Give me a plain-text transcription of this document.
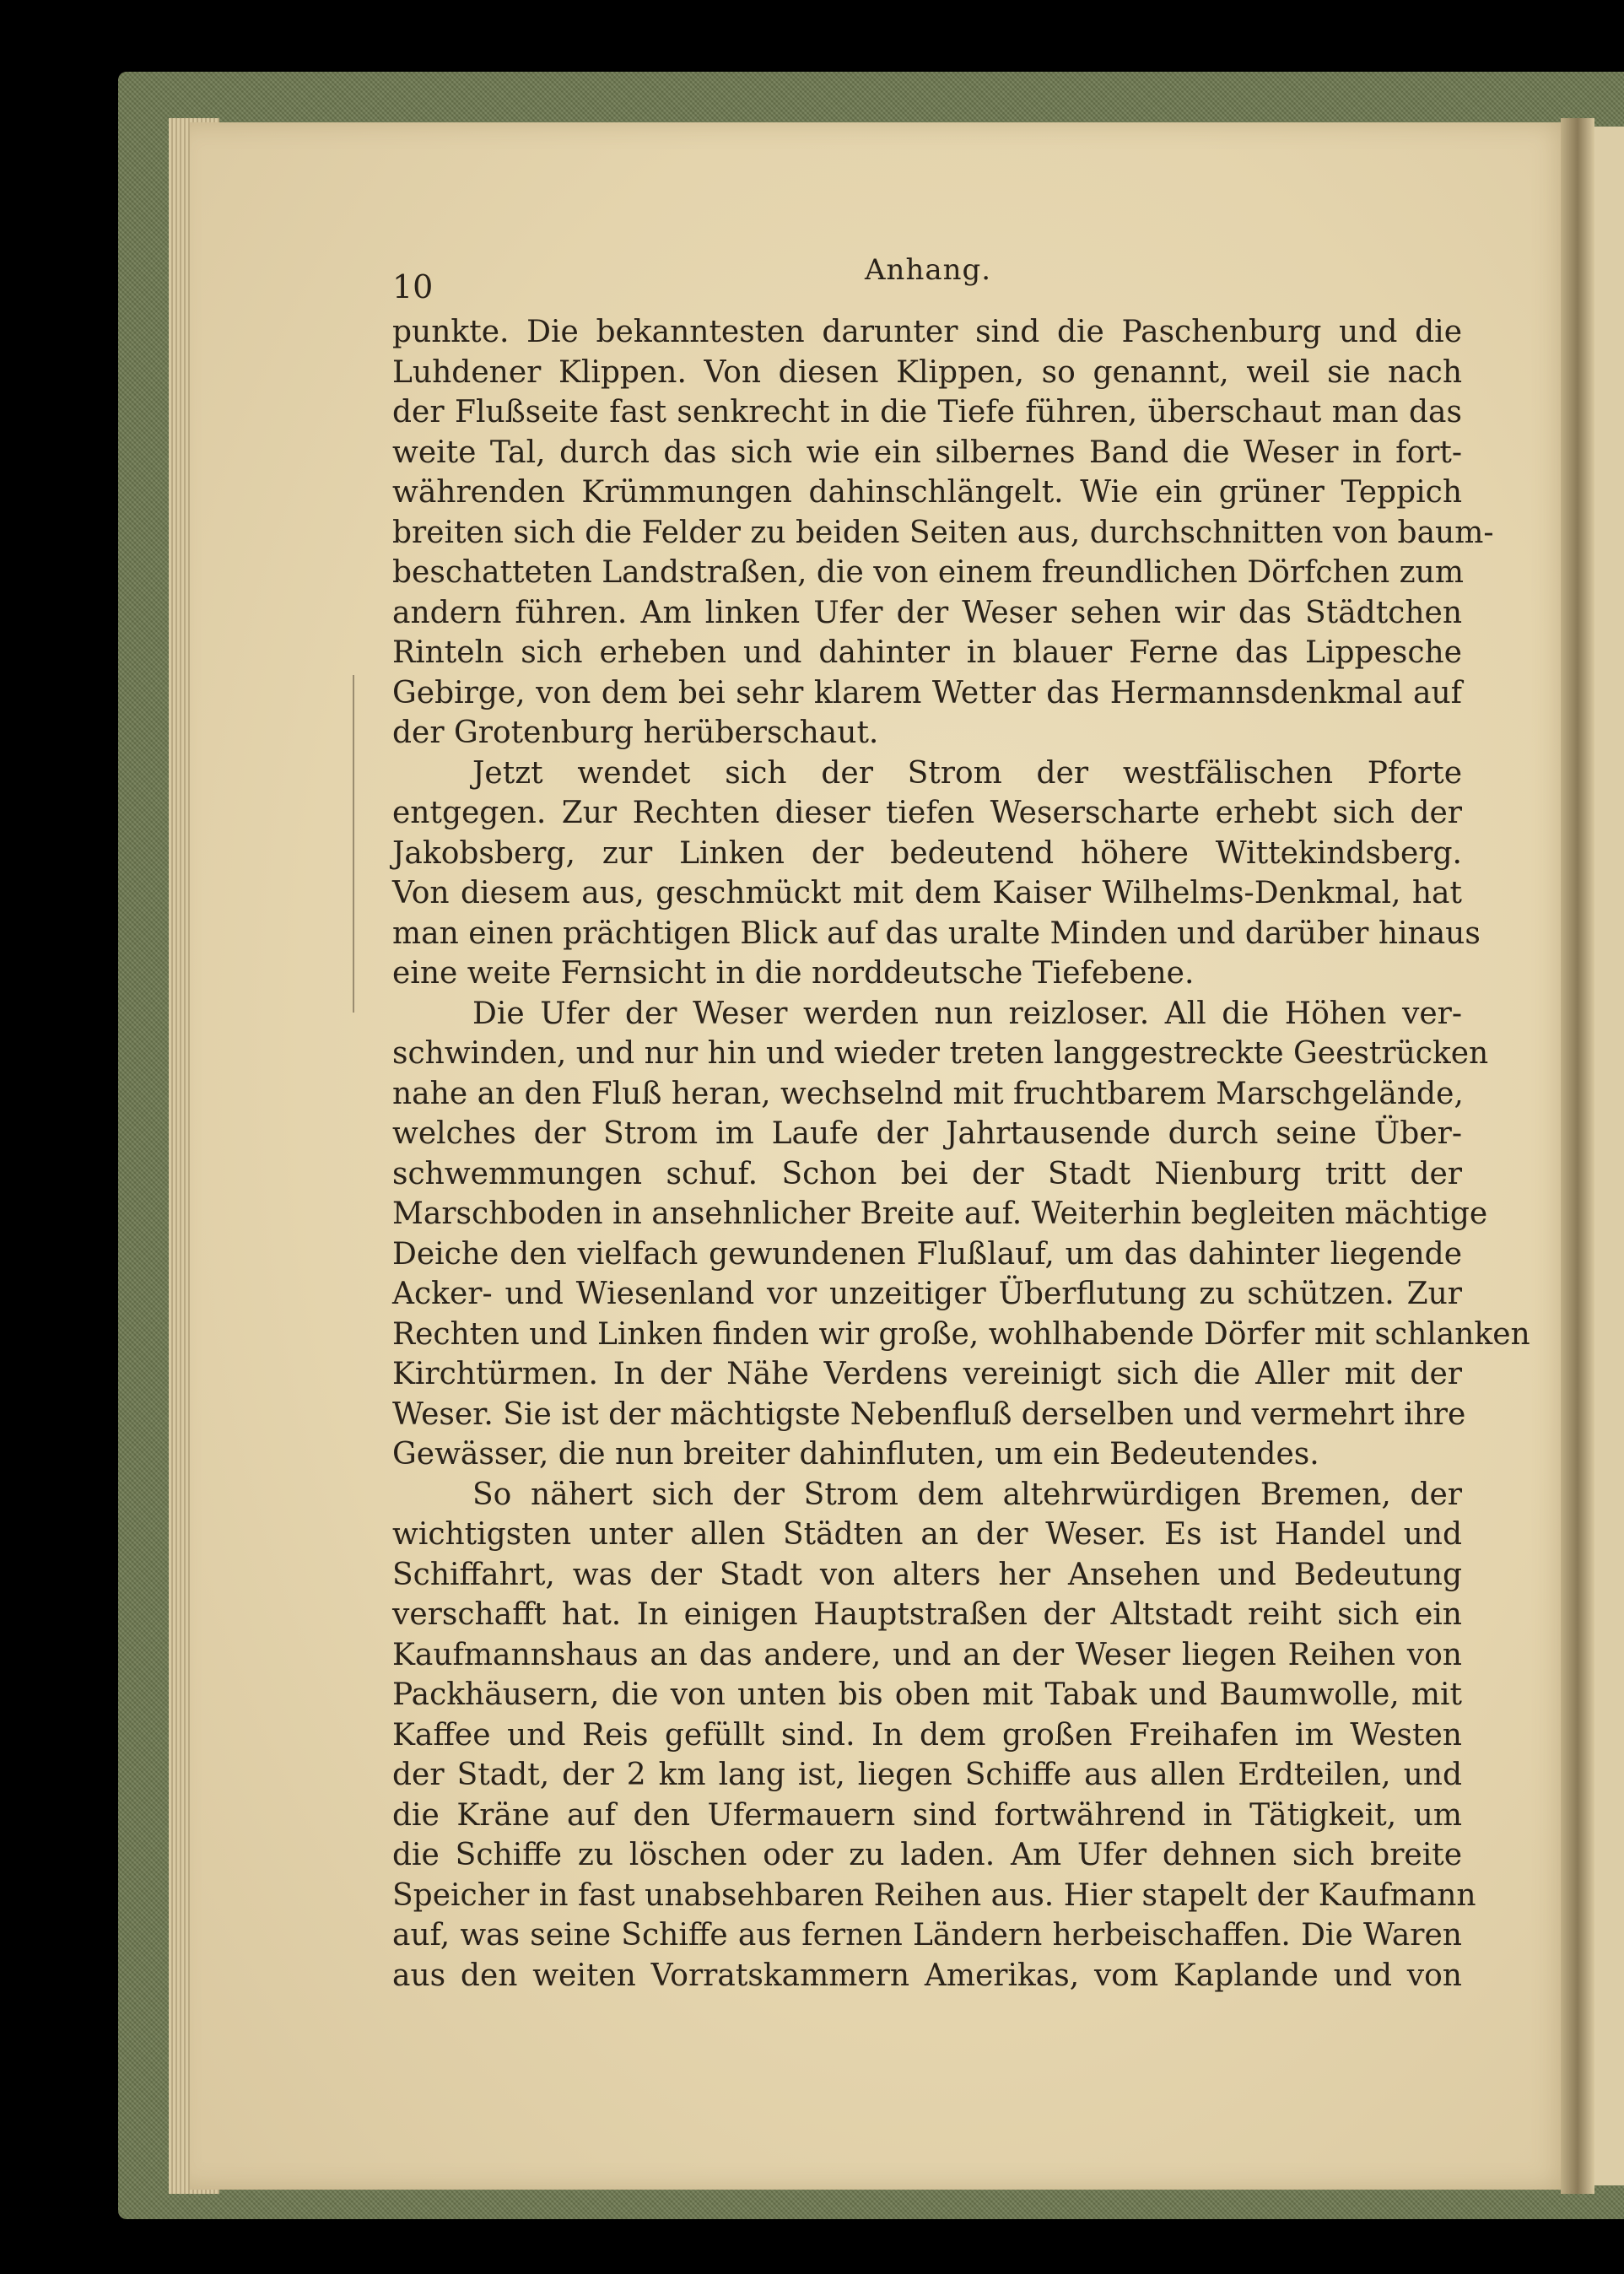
10	Anhang.
punkte. Die bekanntesten darunter sind die Paschenburg und die
Luhdener Klippen. Von diesen Klippen, so genannt, weil sie nach
der Flußseite fast senkrecht in die Tiefe führen, überschaut man das
weite Tal, durch das sich wie ein silbernes Band die Weser in fort-
währenden Krümmungen dahinschlängelt. Wie ein grüner Teppich
breiten sich die Felder zu beiden Seiten aus, durchschnitten von baum-
beschatteten Landstraßen, die von einem freundlichen Dörfchen zum
andern führen. Am linken Ufer der Weser sehen wir das Städtchen
Rinteln sich erheben und dahinter in blauer Ferne das Lippesche
Gebirge, von dem bei sehr klarem Wetter das Hermannsdenkmal auf
der Grotenburg herüberschaut.
Jetzt wendet sich der Strom der westfälischen Pforte
entgegen. Zur Rechten dieser tiefen Weserscharte erhebt sich der
Jakobsberg, zur Linken der bedeutend höhere Wittekindsberg.
Von diesem aus, geschmückt mit dem Kaiser Wilhelms-Denkmal, hat
man einen prächtigen Blick auf das uralte Minden und darüber hinaus
eine weite Fernsicht in die norddeutsche Tiefebene.
Die Ufer der Weser werden nun reizloser. All die Höhen ver-
schwinden, und nur hin und wieder treten langgestreckte Geestrücken
nahe an den Fluß heran, wechselnd mit fruchtbarem Marschgelände,
welches der Strom im Laufe der Jahrtausende durch seine Über-
schwemmungen schuf. Schon bei der Stadt Nienburg tritt der
Marschboden in ansehnlicher Breite auf. Weiterhin begleiten mächtige
Deiche den vielfach gewundenen Flußlauf, um das dahinter liegende
Acker- und Wiesenland vor unzeitiger Überflutung zu schützen. Zur
Rechten und Linken finden wir große, wohlhabende Dörfer mit schlanken
Kirchtürmen. In der Nähe Verdens vereinigt sich die Aller mit der
Weser. Sie ist der mächtigste Nebenfluß derselben und vermehrt ihre
Gewässer, die nun breiter dahinfluten, um ein Bedeutendes.
So nähert sich der Strom dem altehrwürdigen Bremen, der
wichtigsten unter allen Städten an der Weser. Es ist Handel und
Schiffahrt, was der Stadt von alters her Ansehen und Bedeutung
verschafft hat. In einigen Hauptstraßen der Altstadt reiht sich ein
Kaufmannshaus an das andere, und an der Weser liegen Reihen von
Packhäusern, die von unten bis oben mit Tabak und Baumwolle, mit
Kaffee und Reis gefüllt sind. In dem großen Freihafen im Westen
der Stadt, der 2 km lang ist, liegen Schiffe aus allen Erdteilen, und
die Kräne auf den Ufermauern sind fortwährend in Tätigkeit, um
die Schiffe zu löschen oder zu laden. Am Ufer dehnen sich breite
Speicher in fast unabsehbaren Reihen aus. Hier stapelt der Kaufmann
auf, was seine Schiffe aus fernen Ländern herbeischaffen. Die Waren
aus den weiten Vorratskammern Amerikas, vom Kaplande und von
